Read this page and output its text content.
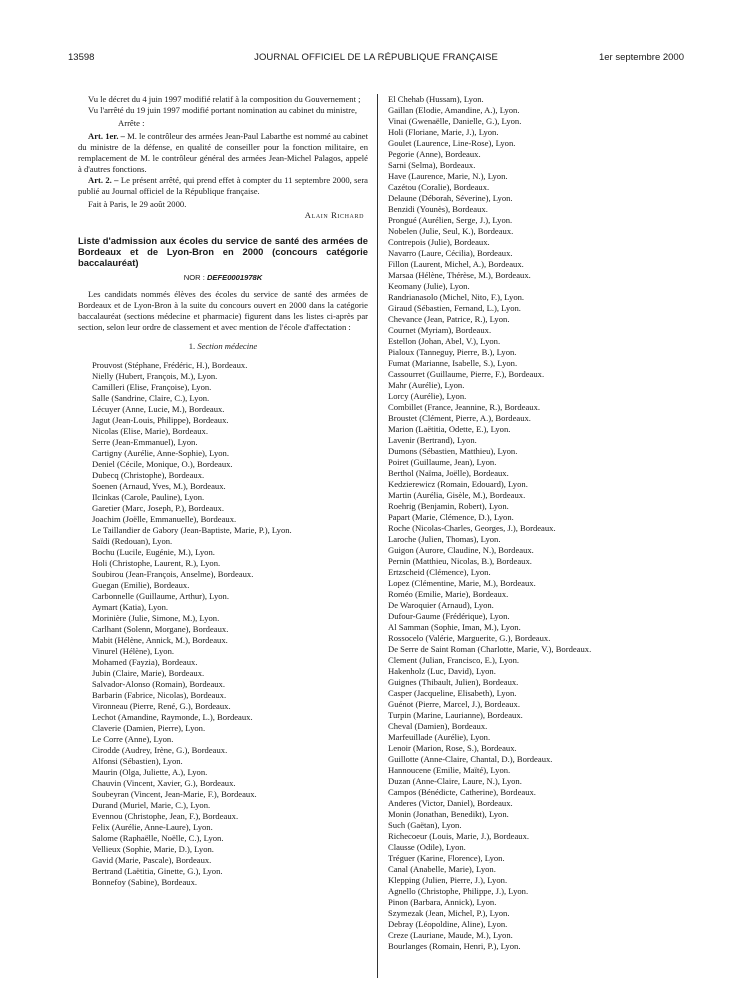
13598	JOURNAL OFFICIEL DE LA RÉPUBLIQUE FRANÇAISE	1er septembre 2000

Vu le décret du 4 juin 1997 modifié relatif à la composition du Gouvernement ;

Vu l'arrêté du 19 juin 1997 modifié portant nomination au cabinet du ministre,

Arrête :

Art. 1er. – M. le contrôleur des armées Jean-Paul Labarthe est nommé au cabinet du ministre de la défense, en qualité de conseiller pour la fonction militaire, en remplacement de M. le contrôleur général des armées Jean-Michel Palagos, appelé à d'autres fonctions.

Art. 2. – Le présent arrêté, qui prend effet à compter du 11 septembre 2000, sera publié au Journal officiel de la République française.

Fait à Paris, le 29 août 2000.

Alain Richard

Liste d'admission aux écoles du service de santé des armées de Bordeaux et de Lyon-Bron en 2000 (concours catégorie baccalauréat)

NOR : DEFE0001978K

Les candidats nommés élèves des écoles du service de santé des armées de Bordeaux et de Lyon-Bron à la suite du concours ouvert en 2000 dans la catégorie baccalauréat (sections médecine et pharmacie) figurent dans les listes ci-après par section, selon leur ordre de classement et avec mention de l'école d'affectation :

1. Section médecine

Prouvost (Stéphane, Frédéric, H.), Bordeaux.
Nielly (Hubert, François, M.), Lyon.
Camilleri (Elise, Françoise), Lyon.
Salle (Sandrine, Claire, C.), Lyon.
Lécuyer (Anne, Lucie, M.), Bordeaux.
Jagut (Jean-Louis, Philippe), Bordeaux.
Nicolas (Elise, Marie), Bordeaux.
Serre (Jean-Emmanuel), Lyon.
Cartigny (Aurélie, Anne-Sophie), Lyon.
Deniel (Cécile, Monique, O.), Bordeaux.
Dubecq (Christophe), Bordeaux.
Soenen (Arnaud, Yves, M.), Bordeaux.
Ilcinkas (Carole, Pauline), Lyon.
Garetier (Marc, Joseph, P.), Bordeaux.
Joachim (Joëlle, Emmanuelle), Bordeaux.
Le Taillandier de Gabory (Jean-Baptiste, Marie, P.), Lyon.
Saïdi (Redouan), Lyon.
Bochu (Lucile, Eugénie, M.), Lyon.
Holi (Christophe, Laurent, R.), Lyon.
Soubirou (Jean-François, Anselme), Bordeaux.
Guegan (Emilie), Bordeaux.
Carbonnelle (Guillaume, Arthur), Lyon.
Aymart (Katia), Lyon.
Morinière (Julie, Simone, M.), Lyon.
Carlhant (Solenn, Morgane), Bordeaux.
Mabit (Hélène, Annick, M.), Bordeaux.
Vinurel (Hélène), Lyon.
Mohamed (Fayzia), Bordeaux.
Jubin (Claire, Marie), Bordeaux.
Salvador-Alonso (Romain), Bordeaux.
Barbarin (Fabrice, Nicolas), Bordeaux.
Vironneau (Pierre, René, G.), Bordeaux.
Lechot (Amandine, Raymonde, L.), Bordeaux.
Claverie (Damien, Pierre), Lyon.
Le Corre (Anne), Lyon.
Cirodde (Audrey, Irène, G.), Bordeaux.
Alfonsi (Sébastien), Lyon.
Maurin (Olga, Juliette, A.), Lyon.
Chauvin (Vincent, Xavier, G.), Bordeaux.
Soubeyran (Vincent, Jean-Marie, F.), Bordeaux.
Durand (Muriel, Marie, C.), Lyon.
Evennou (Christophe, Jean, F.), Bordeaux.
Felix (Aurélie, Anne-Laure), Lyon.
Salome (Raphaëlle, Noëlle, C.), Lyon.
Vellieux (Sophie, Marie, D.), Lyon.
Gavid (Marie, Pascale), Bordeaux.
Bertrand (Laëtitia, Ginette, G.), Lyon.
Bonnefoy (Sabine), Bordeaux.
El Chehab (Hussam), Lyon.
Gaillan (Elodie, Amandine, A.), Lyon.
Vinai (Gwenaëlle, Danielle, G.), Lyon.
Holi (Floriane, Marie, J.), Lyon.
Goulet (Laurence, Line-Rose), Lyon.
Pegorie (Anne), Bordeaux.
Sarni (Selma), Bordeaux.
Have (Laurence, Marie, N.), Lyon.
Cazétou (Coralie), Bordeaux.
Delaune (Déborah, Séverine), Lyon.
Benzidi (Younès), Bordeaux.
Prongué (Aurélien, Serge, J.), Lyon.
Nobelen (Julie, Seul, K.), Bordeaux.
Contrepois (Julie), Bordeaux.
Navarro (Laure, Cécilia), Bordeaux.
Fillon (Laurent, Michel, A.), Bordeaux.
Marsaa (Hélène, Thérèse, M.), Bordeaux.
Keomany (Julie), Lyon.
Randrianasolo (Michel, Nito, F.), Lyon.
Giraud (Sébastien, Fernand, L.), Lyon.
Chevance (Jean, Patrice, R.), Lyon.
Cournet (Myriam), Bordeaux.
Estellon (Johan, Abel, V.), Lyon.
Pialoux (Tanneguy, Pierre, B.), Lyon.
Fumat (Marianne, Isabelle, S.), Lyon.
Cassourret (Guillaume, Pierre, F.), Bordeaux.
Mahr (Aurélie), Lyon.
Lorcy (Aurélie), Lyon.
Combillet (France, Jeannine, R.), Bordeaux.
Broustet (Clément, Pierre, A.), Bordeaux.
Marion (Laëtitia, Odette, E.), Lyon.
Lavenir (Bertrand), Lyon.
Dumons (Sébastien, Matthieu), Lyon.
Poiret (Guillaume, Jean), Lyon.
Berthol (Naïma, Joëlle), Bordeaux.
Kedzierewicz (Romain, Edouard), Lyon.
Martin (Aurélia, Gisèle, M.), Bordeaux.
Roehrig (Benjamin, Robert), Lyon.
Papart (Marie, Clémence, D.), Lyon.
Roche (Nicolas-Charles, Georges, J.), Bordeaux.
Laroche (Julien, Thomas), Lyon.
Guigon (Aurore, Claudine, N.), Bordeaux.
Pernin (Matthieu, Nicolas, B.), Bordeaux.
Ertzscheid (Clémence), Lyon.
Lopez (Clémentine, Marie, M.), Bordeaux.
Roméo (Emilie, Marie), Bordeaux.
De Waroquier (Arnaud), Lyon.
Dufour-Gaume (Frédérique), Lyon.
Al Samman (Sophie, Iman, M.), Lyon.
Rossocelo (Valérie, Marguerite, G.), Bordeaux.
De Serre de Saint Roman (Charlotte, Marie, V.), Bordeaux.
Clement (Julian, Francisco, E.), Lyon.
Hakenholz (Luc, David), Lyon.
Guignes (Thibault, Julien), Bordeaux.
Casper (Jacqueline, Elisabeth), Lyon.
Guénot (Pierre, Marcel, J.), Bordeaux.
Turpin (Marine, Laurianne), Bordeaux.
Cheval (Damien), Bordeaux.
Marfeuillade (Aurélie), Lyon.
Lenoir (Marion, Rose, S.), Bordeaux.
Guillotte (Anne-Claire, Chantal, D.), Bordeaux.
Hannoucene (Emilie, Maïté), Lyon.
Duzan (Anne-Claire, Laure, N.), Lyon.
Campos (Bénédicte, Catherine), Bordeaux.
Anderes (Victor, Daniel), Bordeaux.
Monin (Jonathan, Benedikt), Lyon.
Such (Gaëtan), Lyon.
Richecoeur (Louis, Marie, J.), Bordeaux.
Clausse (Odile), Lyon.
Tréguer (Karine, Florence), Lyon.
Canal (Anabelle, Marie), Lyon.
Klepping (Julien, Pierre, J.), Lyon.
Agnello (Christophe, Philippe, J.), Lyon.
Pinon (Barbara, Annick), Lyon.
Szymezak (Jean, Michel, P.), Lyon.
Debray (Léopoldine, Aline), Lyon.
Creze (Lauriane, Maude, M.), Lyon.
Bourlanges (Romain, Henri, P.), Lyon.
